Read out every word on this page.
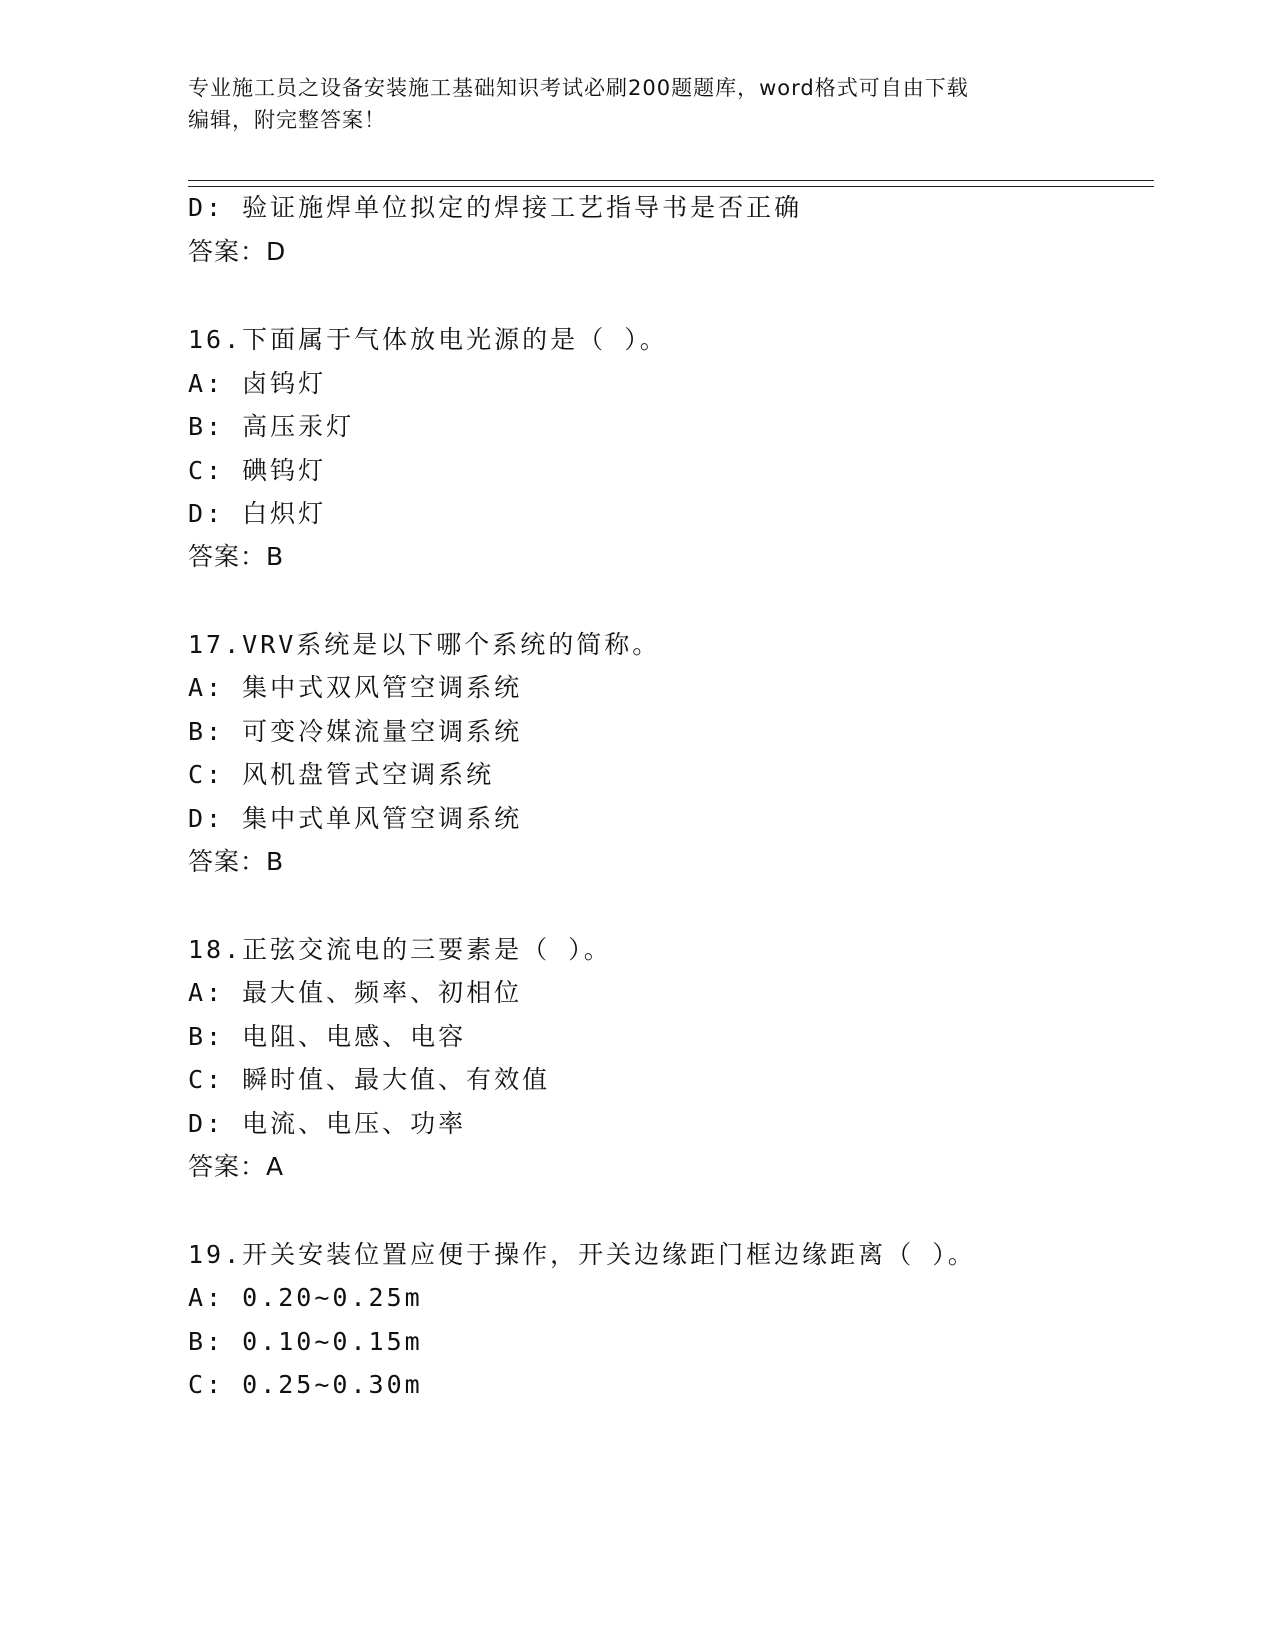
专业施工员之设备安装施工基础知识考试必刷200题题库，word格式可自由下载
编辑，附完整答案！
D: 验证施焊单位拟定的焊接工艺指导书是否正确
答案：D
16.下面属于气体放电光源的是（ ）。
A: 卤钨灯
B: 高压汞灯
C: 碘钨灯
D: 白炽灯
答案：B
17.VRV系统是以下哪个系统的简称。
A: 集中式双风管空调系统
B: 可变冷媒流量空调系统
C: 风机盘管式空调系统
D: 集中式单风管空调系统
答案：B
18.正弦交流电的三要素是（ ）。
A: 最大值、频率、初相位
B: 电阻、电感、电容
C: 瞬时值、最大值、有效值
D: 电流、电压、功率
答案：A
19.开关安装位置应便于操作，开关边缘距门框边缘距离（ ）。
A: 0.20~0.25m
B: 0.10~0.15m
C: 0.25~0.30m
